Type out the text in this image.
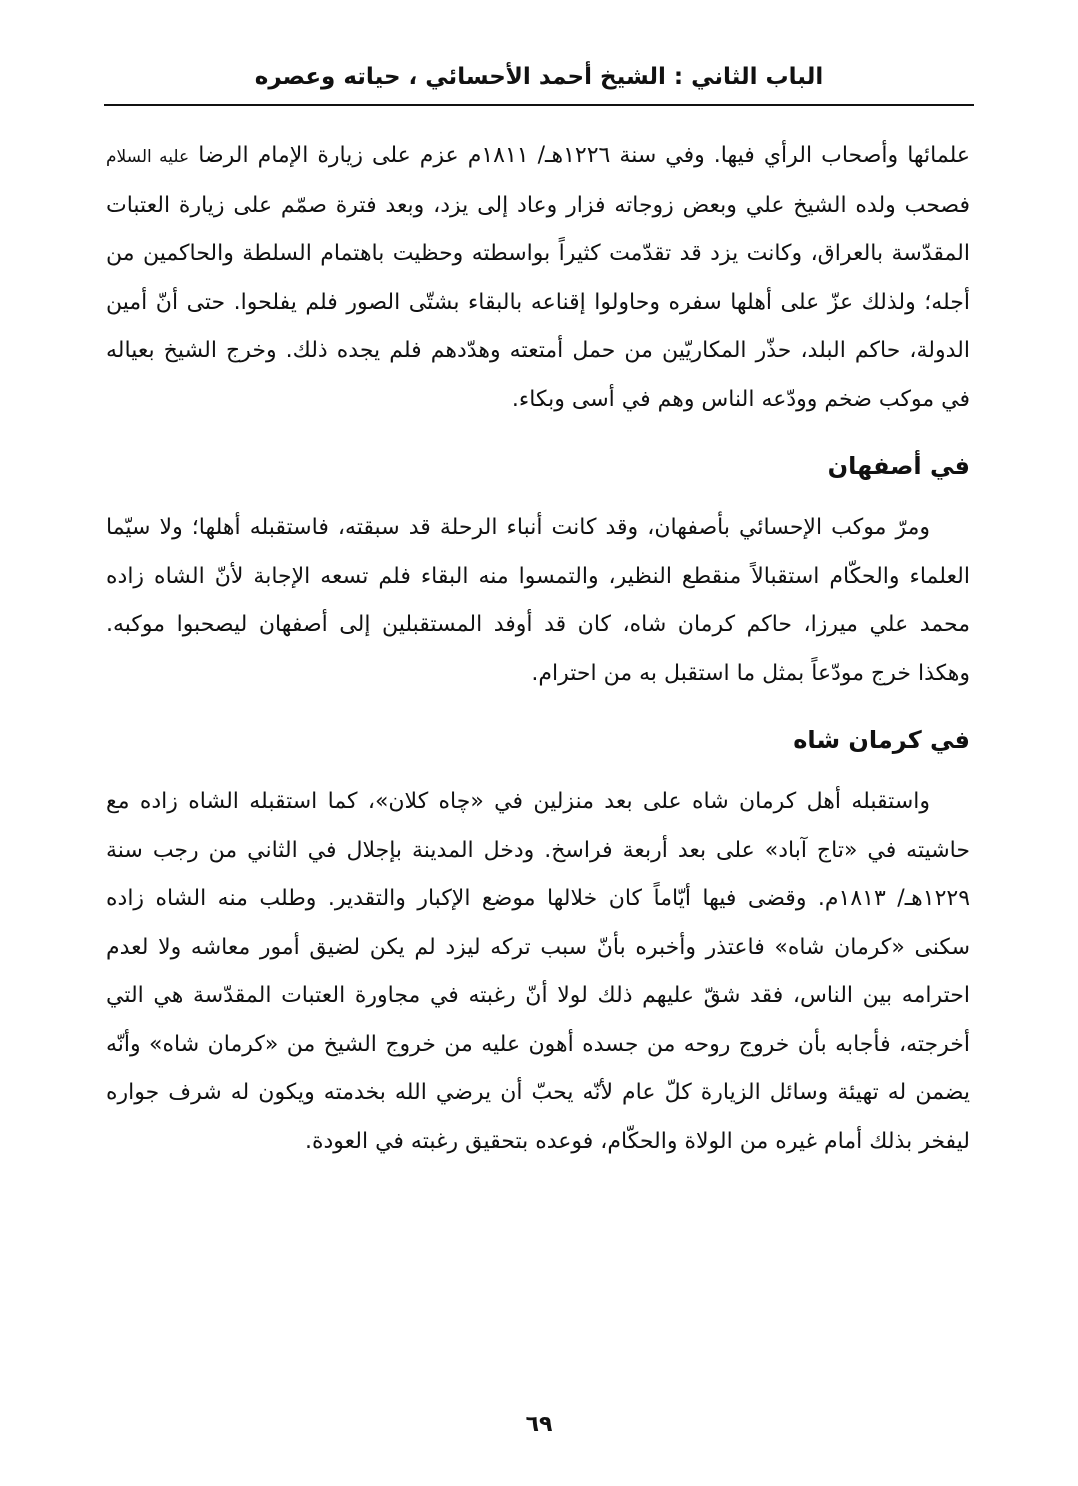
الباب الثاني : الشيخ أحمد الأحسائي ، حياته وعصره

علمائها وأصحاب الرأي فيها. وفي سنة ١٢٢٦هـ/ ١٨١١م عزم على زيارة الإمام الرضا عليه السلام فصحب ولده الشيخ علي وبعض زوجاته فزار وعاد إلى يزد، وبعد فترة صمّم على زيارة العتبات المقدّسة بالعراق، وكانت يزد قد تقدّمت كثيراً بواسطته وحظيت باهتمام السلطة والحاكمين من أجله؛ ولذلك عزّ على أهلها سفره وحاولوا إقناعه بالبقاء بشتّى الصور فلم يفلحوا. حتى أنّ أمين الدولة، حاكم البلد، حذّر المكاريّين من حمل أمتعته وهدّدهم فلم يجده ذلك. وخرج الشيخ بعياله في موكب ضخم وودّعه الناس وهم في أسى وبكاء.

في أصفهان

ومرّ موكب الإحسائي بأصفهان، وقد كانت أنباء الرحلة قد سبقته، فاستقبله أهلها؛ ولا سيّما العلماء والحكّام استقبالاً منقطع النظير، والتمسوا منه البقاء فلم تسعه الإجابة لأنّ الشاه زاده محمد علي ميرزا، حاكم كرمان شاه، كان قد أوفد المستقبلين إلى أصفهان ليصحبوا موكبه. وهكذا خرج مودّعاً بمثل ما استقبل به من احترام.

في كرمان شاه

واستقبله أهل كرمان شاه على بعد منزلين في «چاه كلان»، كما استقبله الشاه زاده مع حاشيته في «تاج آباد» على بعد أربعة فراسخ. ودخل المدينة بإجلال في الثاني من رجب سنة ١٢٢٩هـ/ ١٨١٣م. وقضى فيها أيّاماً كان خلالها موضع الإكبار والتقدير. وطلب منه الشاه زاده سكنى «كرمان شاه» فاعتذر وأخبره بأنّ سبب تركه ليزد لم يكن لضيق أمور معاشه ولا لعدم احترامه بين الناس، فقد شقّ عليهم ذلك لولا أنّ رغبته في مجاورة العتبات المقدّسة هي التي أخرجته، فأجابه بأن خروج روحه من جسده أهون عليه من خروج الشيخ من «كرمان شاه» وأنّه يضمن له تهيئة وسائل الزيارة كلّ عام لأنّه يحبّ أن يرضي الله بخدمته ويكون له شرف جواره ليفخر بذلك أمام غيره من الولاة والحكّام، فوعده بتحقيق رغبته في العودة.

٦٩
